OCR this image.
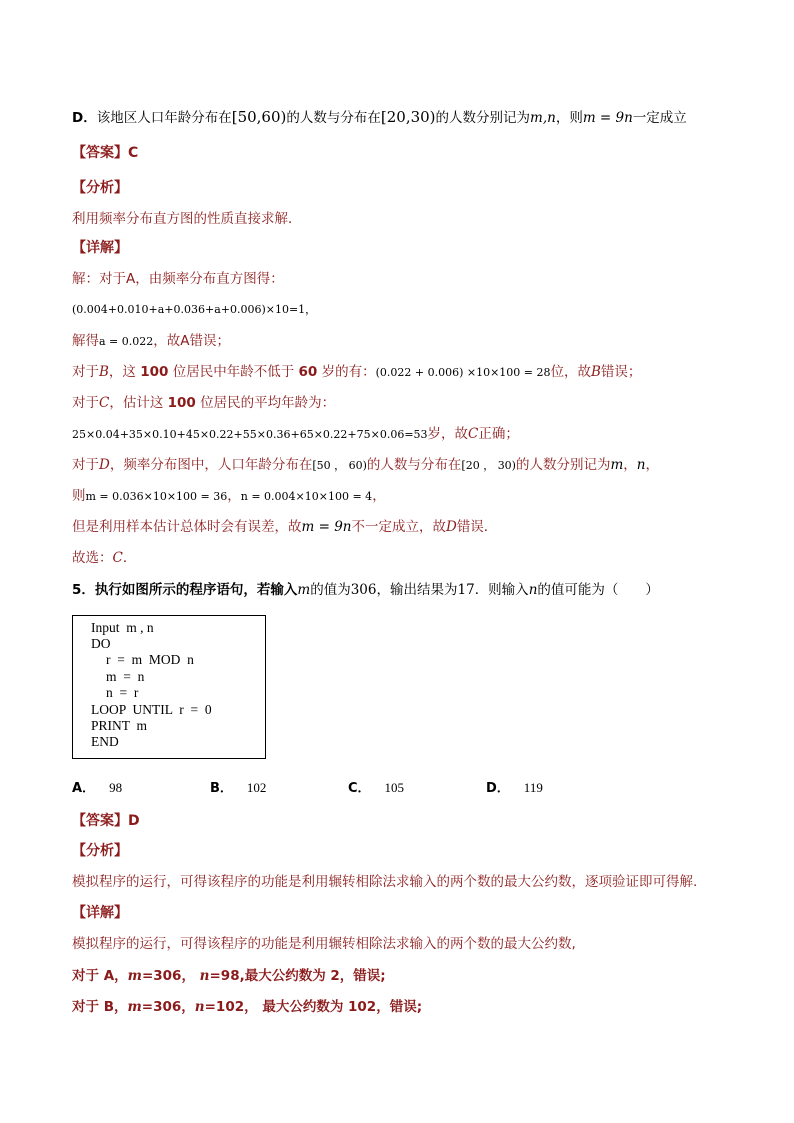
D．该地区人口年龄分布在[50,60)的人数与分布在[20,30)的人数分别记为m,n，则m = 9n一定成立
【答案】C
【分析】
利用频率分布直方图的性质直接求解．
【详解】
解：对于A，由频率分布直方图得：
(0.004+0.010+a+0.036+a+0.006)×10=1，
解得a = 0.022，故A错误；
对于B，这 100 位居民中年龄不低于 60 岁的有：(0.022 + 0.006) ×10×100 = 28位，故B错误；
对于C，估计这 100 位居民的平均年龄为：
25×0.04+35×0.10+45×0.22+55×0.36+65×0.22+75×0.06=53岁，故C正确；
对于D，频率分布图中，人口年龄分布在[50 ， 60)的人数与分布在[20 ， 30)的人数分别记为m，n，
则m = 0.036×10×100 = 36，n = 0.004×10×100 = 4，
但是利用样本估计总体时会有误差，故m = 9n不一定成立，故D错误．
故选：C．
5．执行如图所示的程序语句，若输入m的值为306，输出结果为17．则输入n的值可能为（　　）
Input  m , n
DO
r  =  m  MOD  n
m  =  n
n  =  r
LOOP  UNTIL  r  =  0
PRINT  m
END
A． 98	B． 102	C． 105	D． 119
【答案】D
【分析】
模拟程序的运行，可得该程序的功能是利用辗转相除法求输入的两个数的最大公约数，逐项验证即可得解.
【详解】
模拟程序的运行，可得该程序的功能是利用辗转相除法求输入的两个数的最大公约数,
对于 A，m=306， n=98,最大公约数为 2，错误;
对于 B，m=306，n=102， 最大公约数为 102，错误;
